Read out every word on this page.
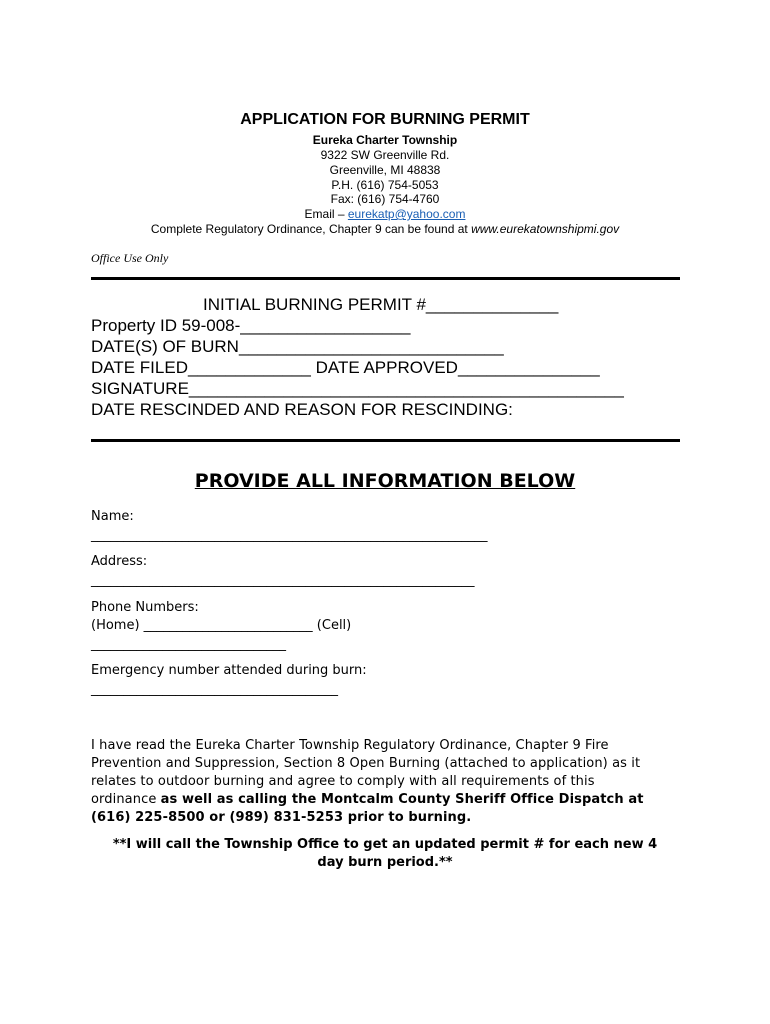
APPLICATION FOR BURNING PERMIT
Eureka Charter Township
9322 SW Greenville Rd.
Greenville, MI 48838
P.H. (616) 754-5053
Fax: (616) 754-4760
Email – eurekatp@yahoo.com
Complete Regulatory Ordinance, Chapter 9 can be found at www.eurekatownshipmi.gov
Office Use Only
INITIAL BURNING PERMIT #______________
Property ID 59-008-__________________
DATE(S) OF BURN____________________________
DATE FILED_____________ DATE APPROVED_______________
SIGNATURE______________________________________________
DATE RESCINDED AND REASON FOR RESCINDING:
PROVIDE ALL INFORMATION BELOW
Name:
_____________________________________________________________
Address:
___________________________________________________________
Phone Numbers:
(Home) __________________________ (Cell)
______________________________
Emergency number attended during burn:
______________________________________

I have read the Eureka Charter Township Regulatory Ordinance, Chapter 9 Fire

Prevention and Suppression, Section 8 Open Burning (attached to application) as it

relates to outdoor burning and agree to comply with all requirements of this

ordinance as well as calling the Montcalm County Sheriff Office Dispatch at

(616) 225-8500 or (989) 831-5253 prior to burning.

**I will call the Township Office to get an updated permit # for each new 4

day burn period.**
